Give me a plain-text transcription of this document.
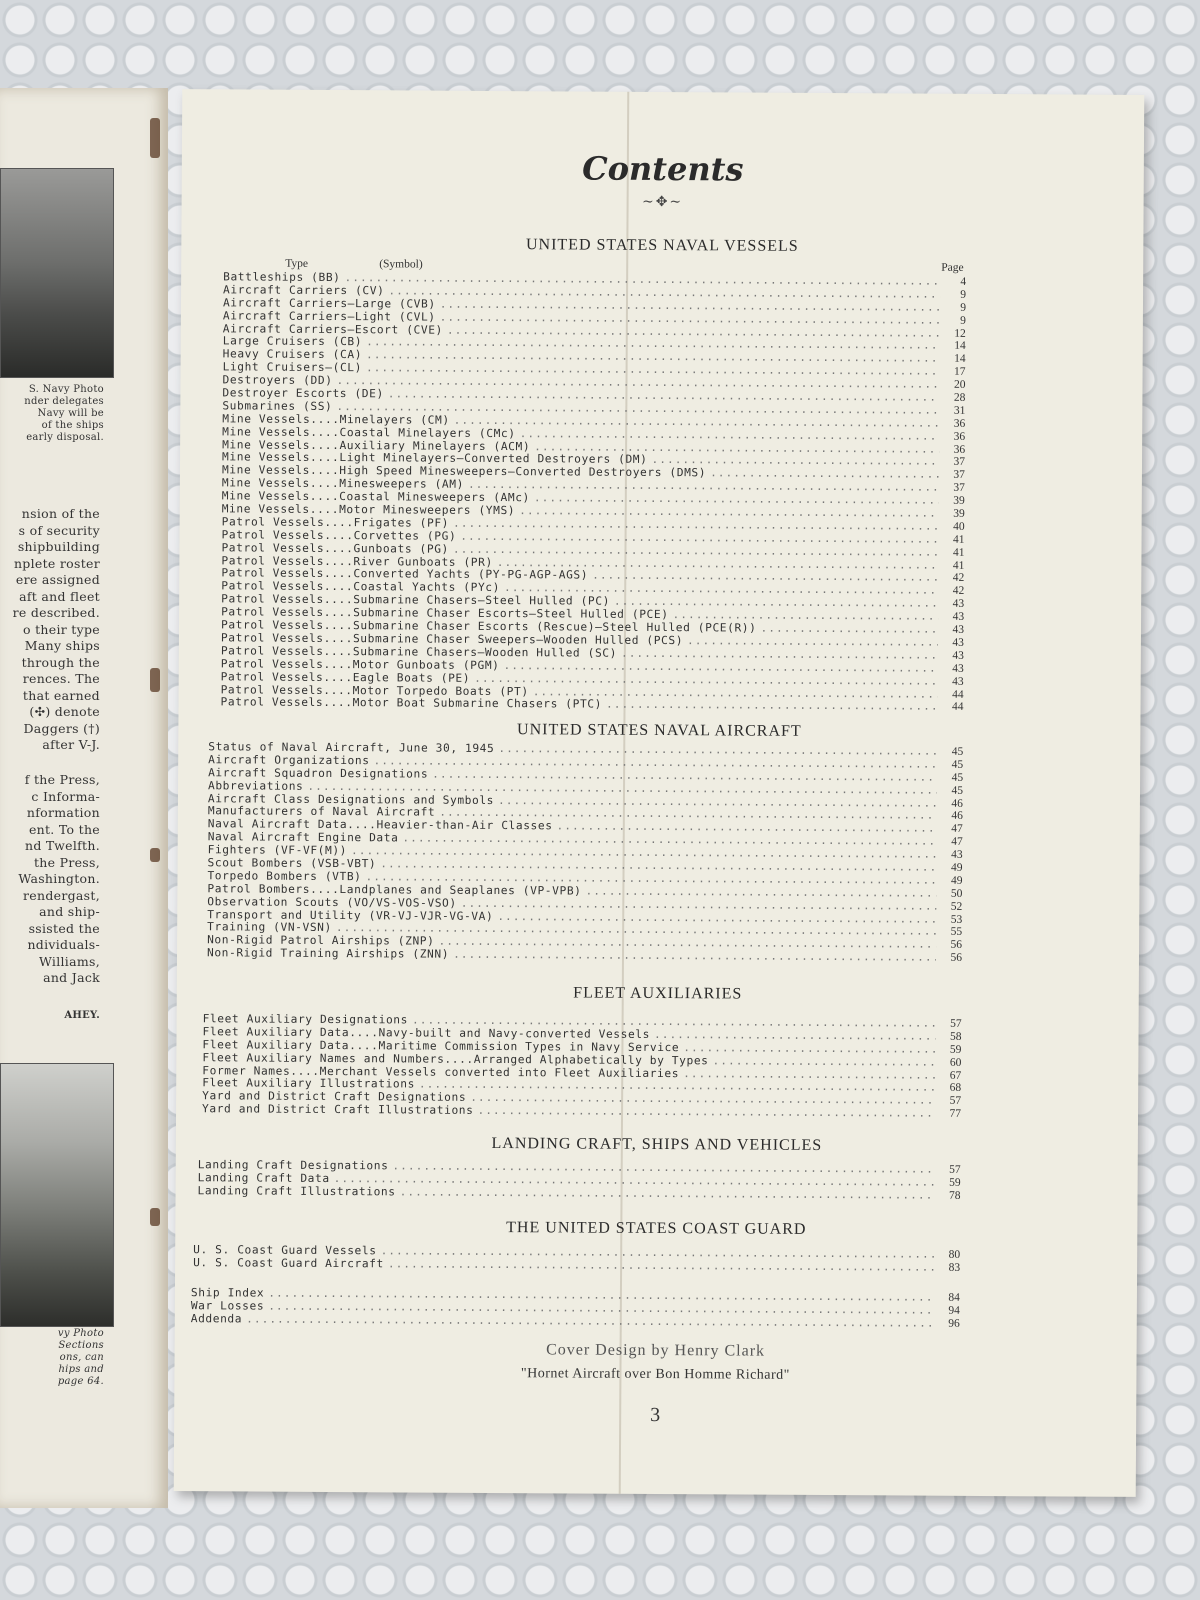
S. Navy Photo
nder delegates
Navy will be
of the ships
early disposal.
nsion of the
s of security
shipbuilding
nplete roster
ere assigned
aft and fleet
re described.
o their type
Many ships
through the
rences. The
that earned
(✣) denote
Daggers (†)
after V-J.
f the Press,
c Informa-
nformation
ent. To the
nd Twelfth.
the Press,
Washington.
rendergast,
and ship-
ssisted the
ndividuals-
Williams,
and Jack
AHEY.
vy Photo
Sections
ons, can
hips and
page 64.
Contents
~✥~
Type	(Symbol)	Page
UNITED STATES NAVAL VESSELS
Battleships (BB) .....	4
Aircraft Carriers (CV) .....	9
Aircraft Carriers—Large (CVB) .....	9
Aircraft Carriers—Light (CVL) .....	9
Aircraft Carriers—Escort (CVE) .....	12
Large Cruisers (CB) .....	14
Heavy Cruisers (CA) .....	14
Light Cruisers—(CL) .....	17
Destroyers (DD) .....	20
Destroyer Escorts (DE) .....	28
Submarines (SS) .....	31
Mine Vessels....Minelayers (CM) .....	36
Mine Vessels....Coastal Minelayers (CMc) .....	36
Mine Vessels....Auxiliary Minelayers (ACM) .....	36
Mine Vessels....Light Minelayers—Converted Destroyers (DM) .....	37
Mine Vessels....High Speed Minesweepers—Converted Destroyers (DMS) .....	37
Mine Vessels....Minesweepers (AM) .....	37
Mine Vessels....Coastal Minesweepers (AMc) .....	39
Mine Vessels....Motor Minesweepers (YMS) .....	39
Patrol Vessels....Frigates (PF) .....	40
Patrol Vessels....Corvettes (PG) .....	41
Patrol Vessels....Gunboats (PG) .....	41
Patrol Vessels....River Gunboats (PR) .....	41
Patrol Vessels....Converted Yachts (PY-PG-AGP-AGS) .....	42
Patrol Vessels....Coastal Yachts (PYc) .....	42
Patrol Vessels....Submarine Chasers—Steel Hulled (PC) .....	43
Patrol Vessels....Submarine Chaser Escorts—Steel Hulled (PCE) .....	43
Patrol Vessels....Submarine Chaser Escorts (Rescue)—Steel Hulled (PCE(R)) .....	43
Patrol Vessels....Submarine Chaser Sweepers—Wooden Hulled (PCS) .....	43
Patrol Vessels....Submarine Chasers—Wooden Hulled (SC) .....	43
Patrol Vessels....Motor Gunboats (PGM) .....	43
Patrol Vessels....Eagle Boats (PE) .....	43
Patrol Vessels....Motor Torpedo Boats (PT) .....	44
Patrol Vessels....Motor Boat Submarine Chasers (PTC) .....	44
UNITED STATES NAVAL AIRCRAFT
Status of Naval Aircraft, June 30, 1945 .....	45
Aircraft Organizations .....	45
Aircraft Squadron Designations .....	45
Abbreviations .....	45
Aircraft Class Designations and Symbols .....	46
Manufacturers of Naval Aircraft .....	46
Naval Aircraft Data....Heavier-than-Air Classes .....	47
Naval Aircraft Engine Data .....	47
Fighters (VF-VF(M)) .....	43
Scout Bombers (VSB-VBT) .....	49
Torpedo Bombers (VTB) .....	49
Patrol Bombers....Landplanes and Seaplanes (VP-VPB) .....	50
Observation Scouts (VO/VS-VOS-VSO) .....	52
Transport and Utility (VR-VJ-VJR-VG-VA) .....	53
Training (VN-VSN) .....	55
Non-Rigid Patrol Airships (ZNP) .....	56
Non-Rigid Training Airships (ZNN) .....	56
FLEET AUXILIARIES
Fleet Auxiliary Designations .....	57
Fleet Auxiliary Data....Navy-built and Navy-converted Vessels .....	58
Fleet Auxiliary Data....Maritime Commission Types in Navy Service .....	59
Fleet Auxiliary Names and Numbers....Arranged Alphabetically by Types .....	60
Former Names....Merchant Vessels converted into Fleet Auxiliaries .....	67
Fleet Auxiliary Illustrations .....	68
Yard and District Craft Designations .....	57
Yard and District Craft Illustrations .....	77
LANDING CRAFT, SHIPS AND VEHICLES
Landing Craft Designations .....	57
Landing Craft Data .....	59
Landing Craft Illustrations .....	78
THE UNITED STATES COAST GUARD
U. S. Coast Guard Vessels .....	80
U. S. Coast Guard Aircraft .....	83
Ship Index .....	84
War Losses .....	94
Addenda .....	96
Cover Design by Henry Clark
"Hornet Aircraft over Bon Homme Richard"
3
